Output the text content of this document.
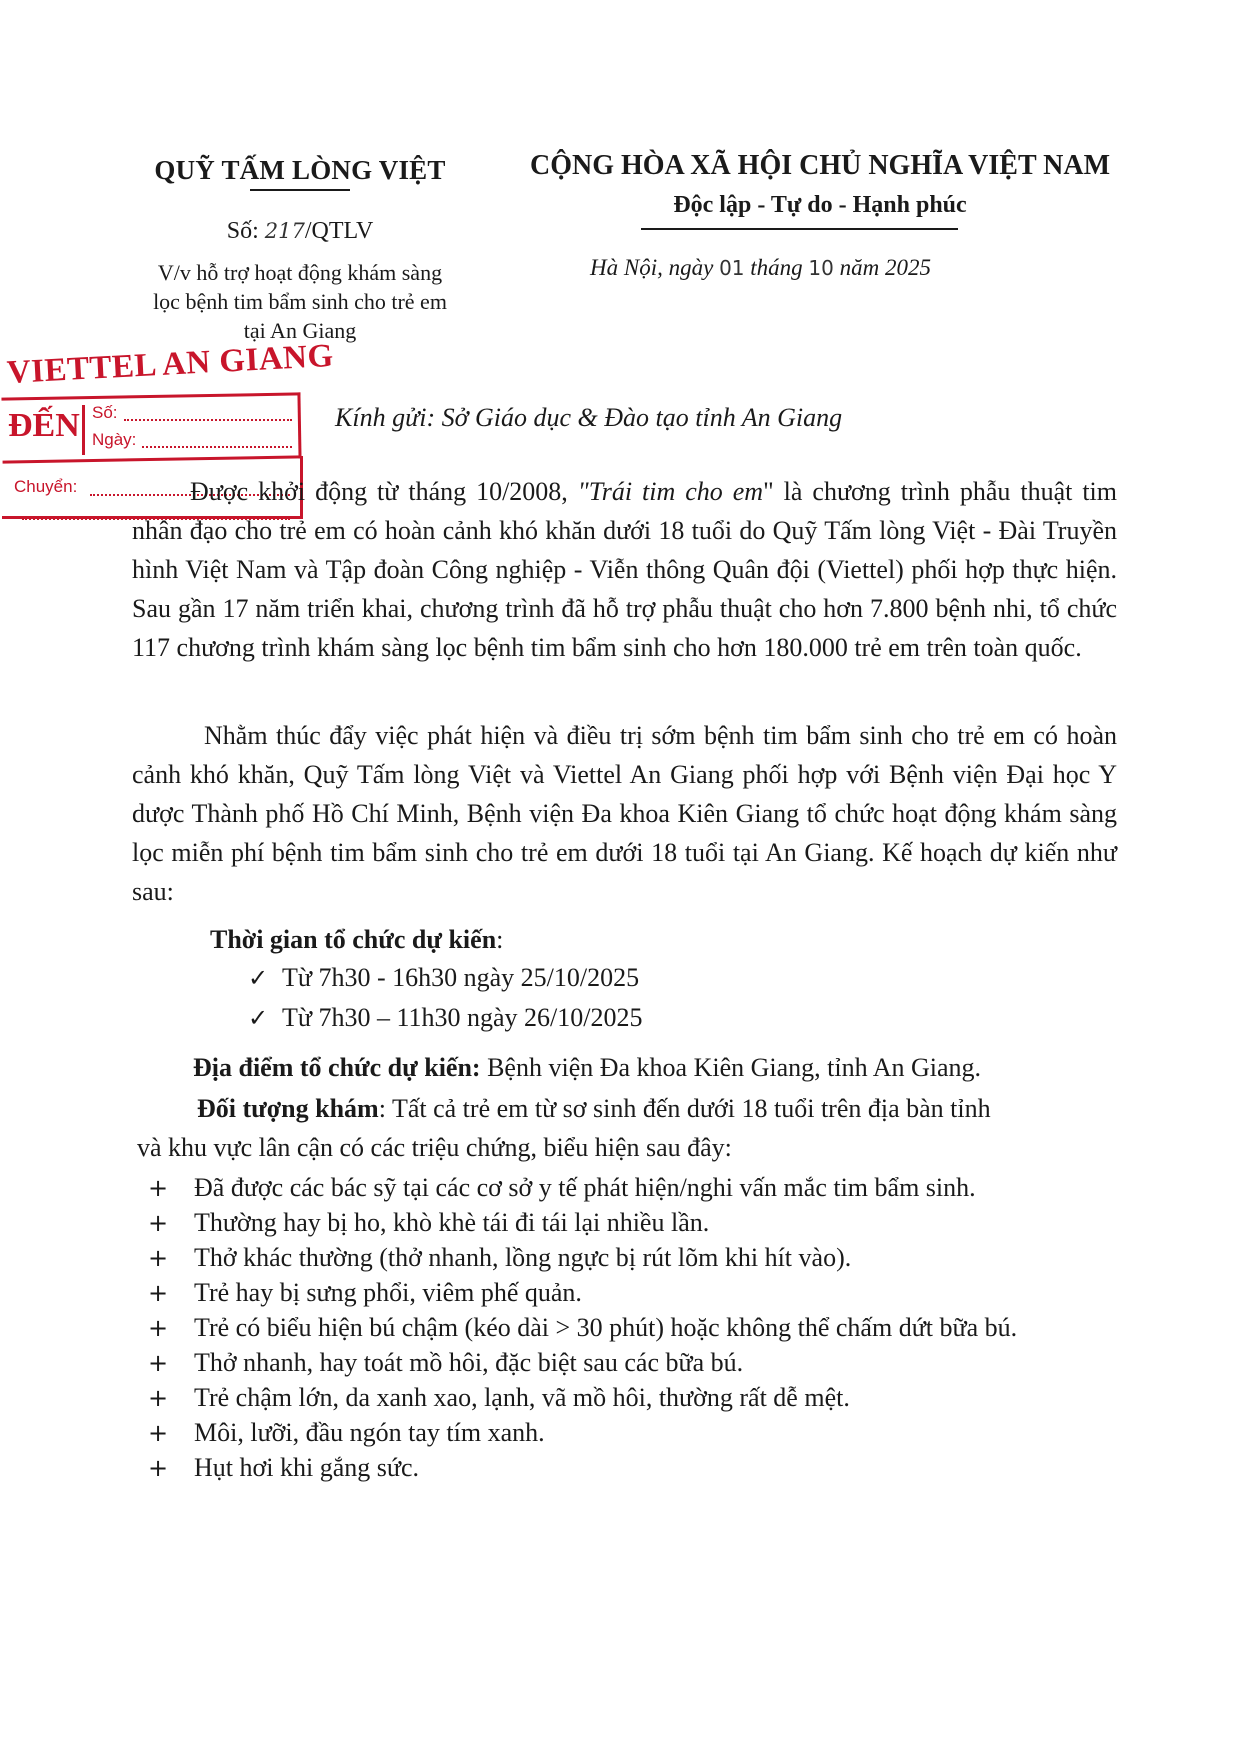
QUỸ TẤM LÒNG VIỆT
Số: 217/QTLV
V/v hỗ trợ hoạt động khám sàng
lọc bệnh tim bẩm sinh cho trẻ em
tại An Giang
CỘNG HÒA XÃ HỘI CHỦ NGHĨA VIỆT NAM
Độc lập - Tự do - Hạnh phúc
Hà Nội, ngày 01 tháng 10 năm 2025
VIETTEL AN GIANG
ĐẾN Số:
Ngày:
Chuyển:
Kính gửi: Sở Giáo dục & Đào tạo tỉnh An Giang
Được khởi động từ tháng 10/2008, "Trái tim cho em" là chương trình phẫu thuật tim nhân đạo cho trẻ em có hoàn cảnh khó khăn dưới 18 tuổi do Quỹ Tấm lòng Việt - Đài Truyền hình Việt Nam và Tập đoàn Công nghiệp - Viễn thông Quân đội (Viettel) phối hợp thực hiện. Sau gần 17 năm triển khai, chương trình đã hỗ trợ phẫu thuật cho hơn 7.800 bệnh nhi, tổ chức 117 chương trình khám sàng lọc bệnh tim bẩm sinh cho hơn 180.000 trẻ em trên toàn quốc.
Nhằm thúc đẩy việc phát hiện và điều trị sớm bệnh tim bẩm sinh cho trẻ em có hoàn cảnh khó khăn, Quỹ Tấm lòng Việt và Viettel An Giang phối hợp với Bệnh viện Đại học Y dược Thành phố Hồ Chí Minh, Bệnh viện Đa khoa Kiên Giang tổ chức hoạt động khám sàng lọc miễn phí bệnh tim bẩm sinh cho trẻ em dưới 18 tuổi tại An Giang. Kế hoạch dự kiến như sau:
Thời gian tổ chức dự kiến:
✓ Từ 7h30 - 16h30 ngày 25/10/2025
✓ Từ 7h30 – 11h30 ngày 26/10/2025
Địa điểm tổ chức dự kiến: Bệnh viện Đa khoa Kiên Giang, tỉnh An Giang.
Đối tượng khám: Tất cả trẻ em từ sơ sinh đến dưới 18 tuổi trên địa bàn tỉnh
và khu vực lân cận có các triệu chứng, biểu hiện sau đây:
+ Đã được các bác sỹ tại các cơ sở y tế phát hiện/nghi vấn mắc tim bẩm sinh.
+ Thường hay bị ho, khò khè tái đi tái lại nhiều lần.
+ Thở khác thường (thở nhanh, lồng ngực bị rút lõm khi hít vào).
+ Trẻ hay bị sưng phổi, viêm phế quản.
+ Trẻ có biểu hiện bú chậm (kéo dài > 30 phút) hoặc không thể chấm dứt bữa bú.
+ Thở nhanh, hay toát mồ hôi, đặc biệt sau các bữa bú.
+ Trẻ chậm lớn, da xanh xao, lạnh, vã mồ hôi, thường rất dễ mệt.
+ Môi, lưỡi, đầu ngón tay tím xanh.
+ Hụt hơi khi gắng sức.
